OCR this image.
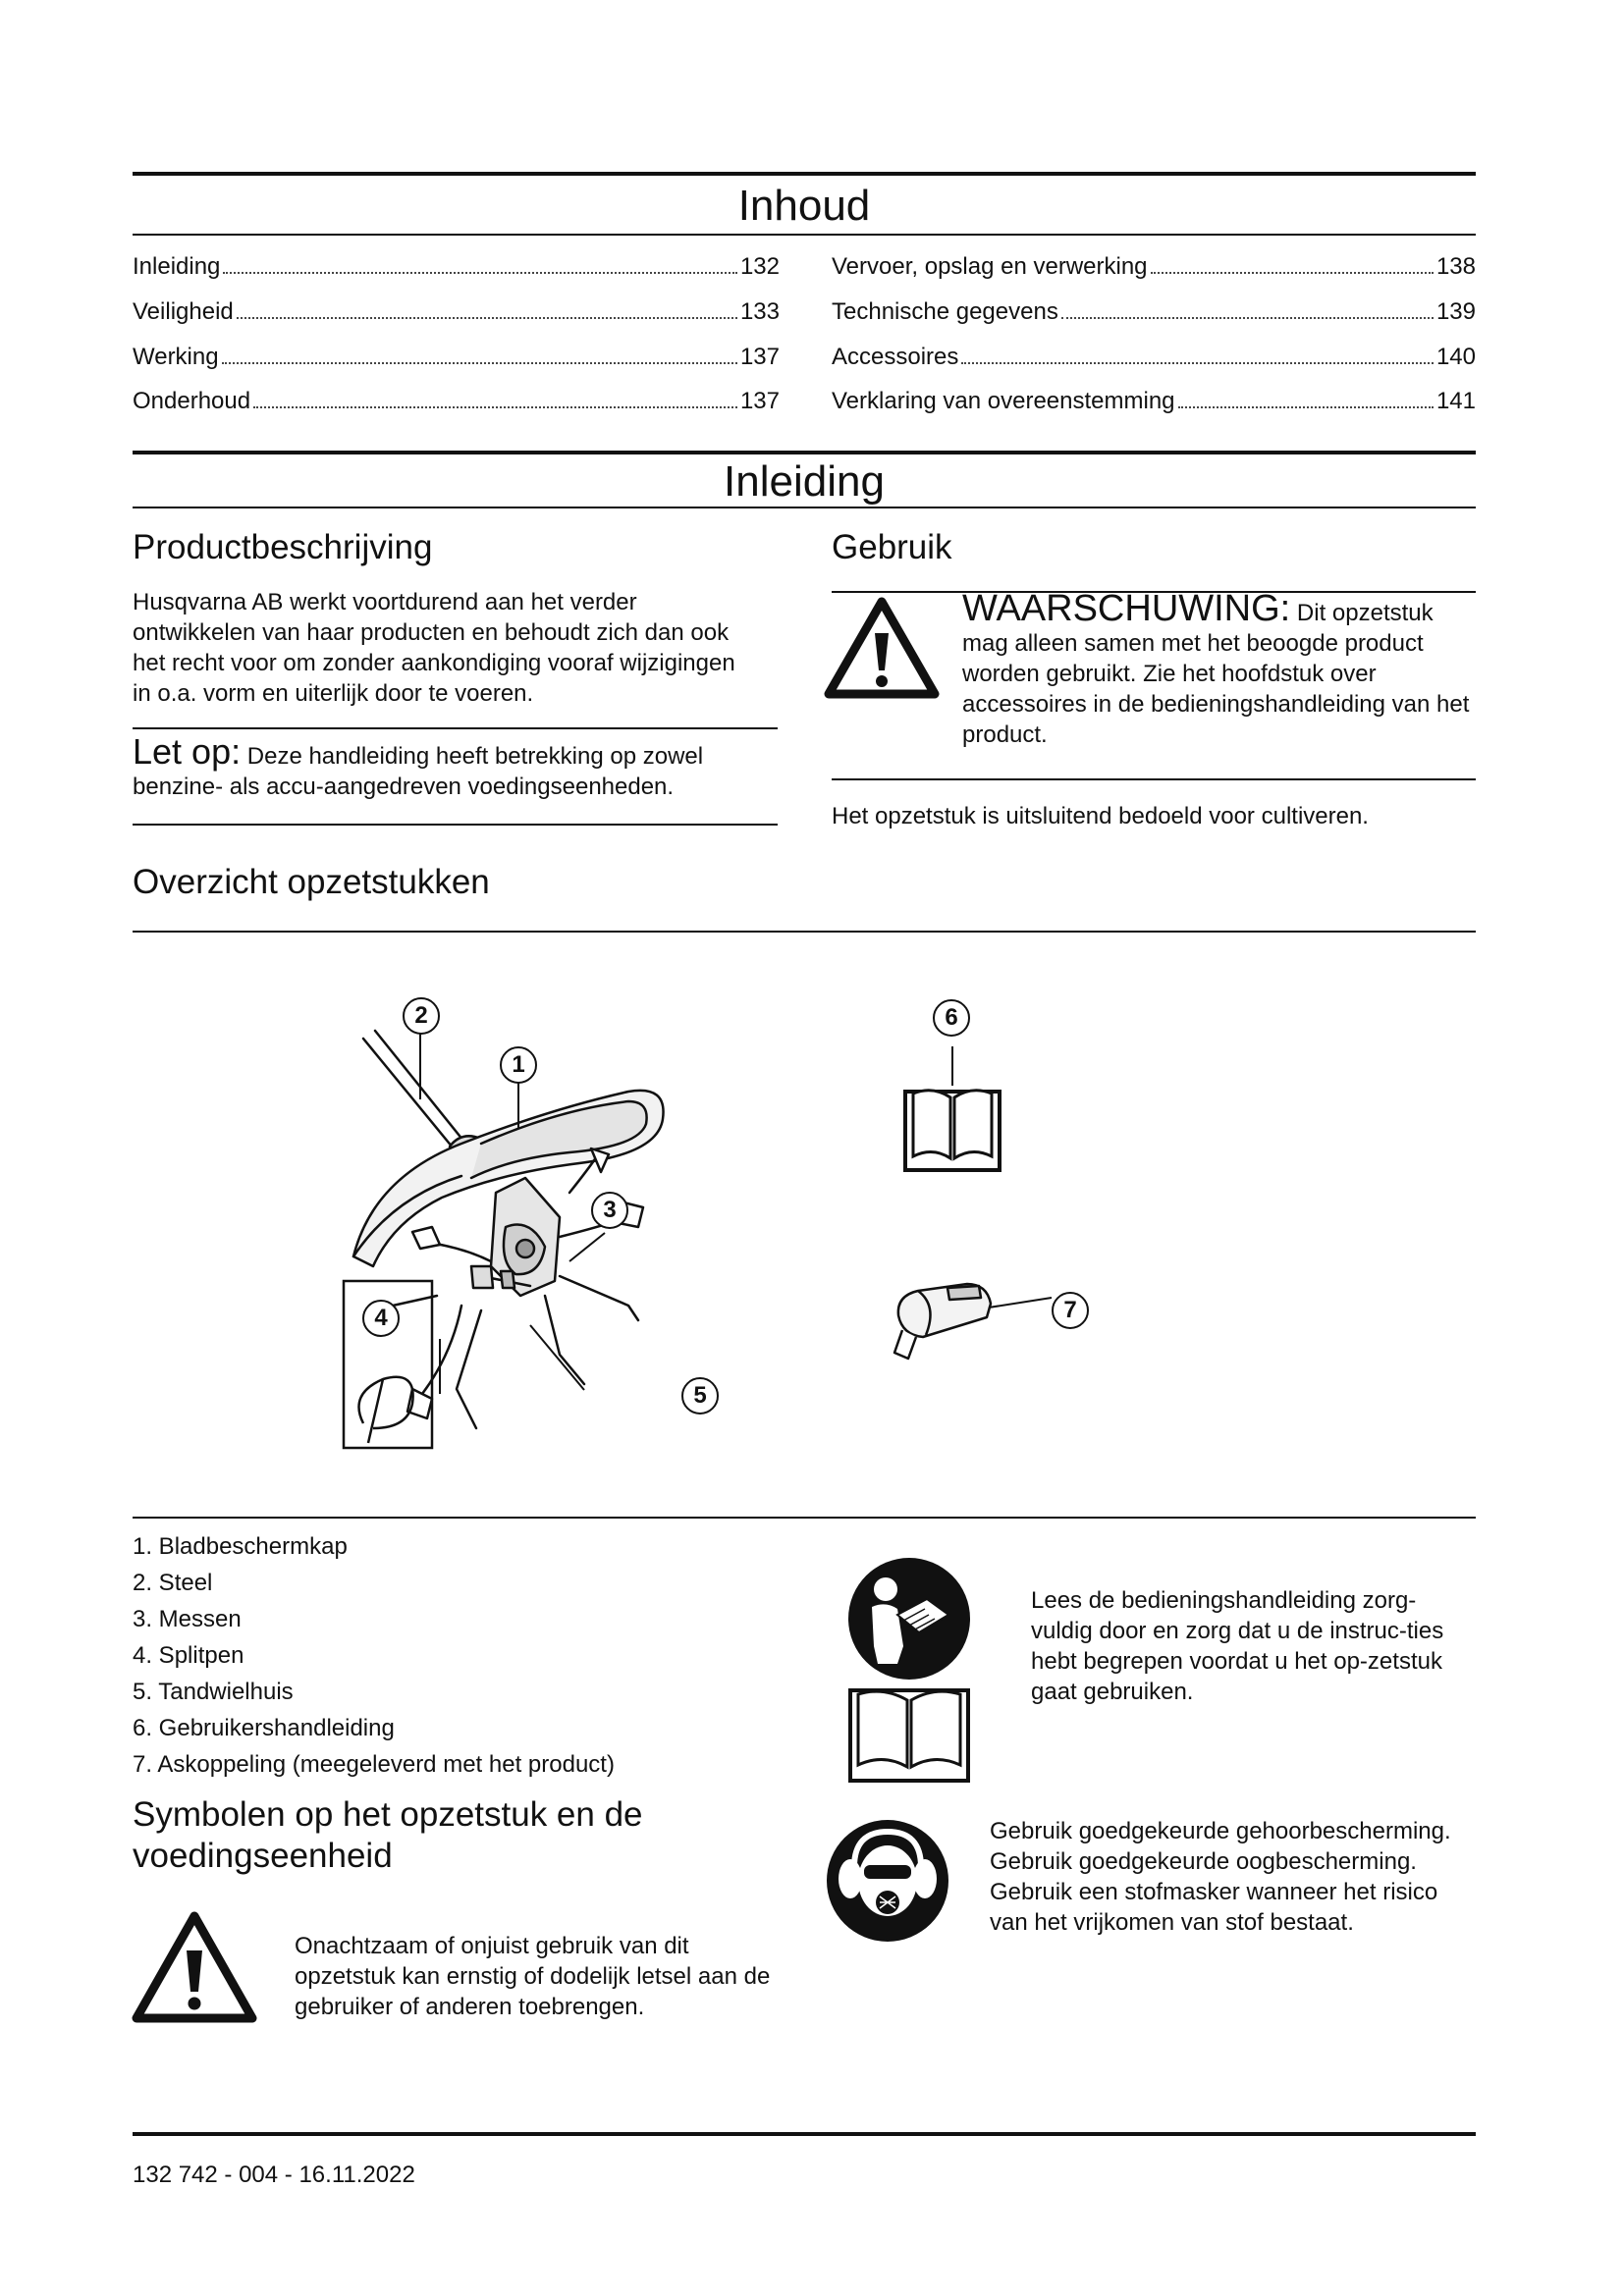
Inhoud
Inleiding	132
Veiligheid	133
Werking	137
Onderhoud	137
Vervoer, opslag en verwerking	138
Technische gegevens	139
Accessoires	140
Verklaring van overeenstemming	141
Inleiding
Productbeschrijving
Husqvarna AB werkt voortdurend aan het verder ontwikkelen van haar producten en behoudt zich dan ook het recht voor om zonder aankondiging vooraf wijzigingen in o.a. vorm en uiterlijk door te voeren.
Let op: Deze handleiding heeft betrekking op zowel benzine- als accu-aangedreven voedingseenheden.
Gebruik
WAARSCHUWING: Dit opzetstuk mag alleen samen met het beoogde product worden gebruikt. Zie het hoofdstuk over accessoires in de bedieningshandleiding van het product.
Het opzetstuk is uitsluitend bedoeld voor cultiveren.
Overzicht opzetstukken
2
1
3
4
5
6
7
1. Bladbeschermkap
2. Steel
3. Messen
4. Splitpen
5. Tandwielhuis
6. Gebruikershandleiding
7. Askoppeling (meegeleverd met het product)
Symbolen op het opzetstuk en de voedingseenheid
Onachtzaam of onjuist gebruik van dit opzetstuk kan ernstig of dodelijk letsel aan de gebruiker of anderen toebrengen.
Lees de bedieningshandleiding zorg-vuldig door en zorg dat u de instruc-ties hebt begrepen voordat u het op-zetstuk gaat gebruiken.
Gebruik goedgekeurde gehoorbescherming. Gebruik goedgekeurde oogbescherming. Gebruik een stofmasker wanneer het risico van het vrijkomen van stof bestaat.
132 742 - 004 - 16.11.2022
